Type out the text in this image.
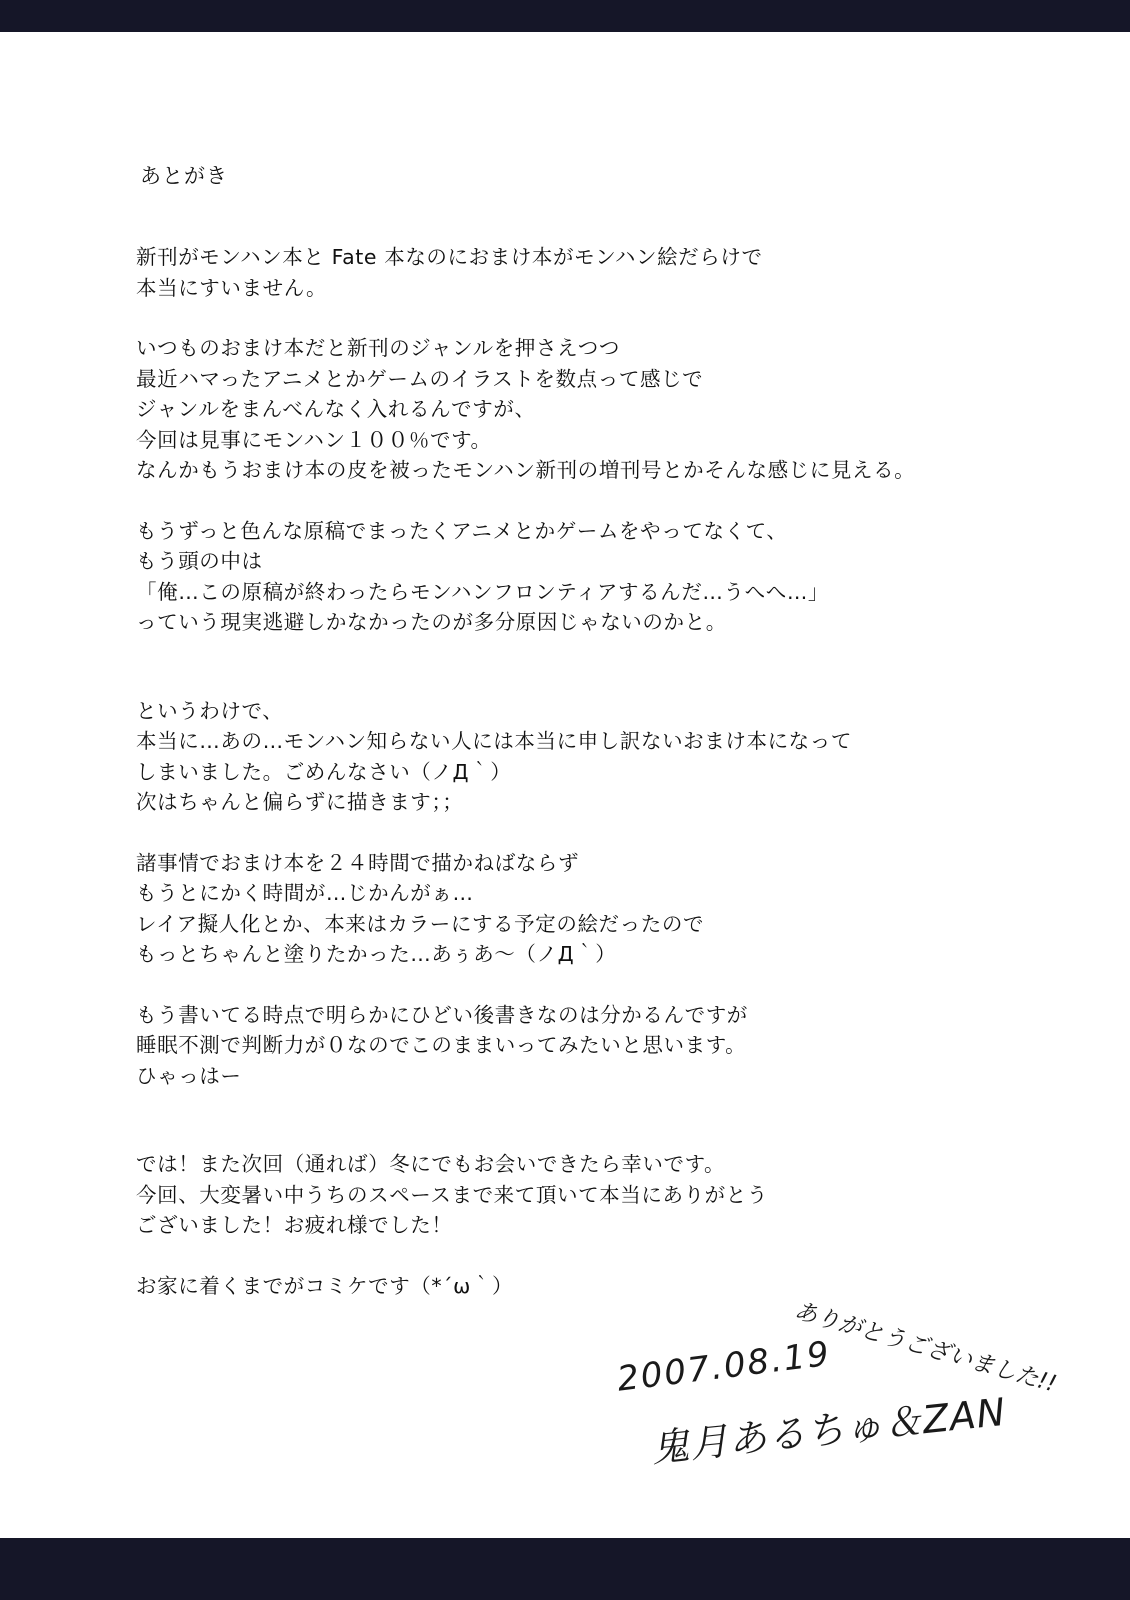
あとがき
新刊がモンハン本と Fate 本なのにおまけ本がモンハン絵だらけで
本当にすいません。
いつものおまけ本だと新刊のジャンルを押さえつつ
最近ハマったアニメとかゲームのイラストを数点って感じで
ジャンルをまんべんなく入れるんですが、
今回は見事にモンハン１００％です。
なんかもうおまけ本の皮を被ったモンハン新刊の増刊号とかそんな感じに見える。
もうずっと色んな原稿でまったくアニメとかゲームをやってなくて、
もう頭の中は
「俺…この原稿が終わったらモンハンフロンティアするんだ…うへへ…」
っていう現実逃避しかなかったのが多分原因じゃないのかと。
というわけで、
本当に…あの…モンハン知らない人には本当に申し訳ないおまけ本になって
しまいました。ごめんなさい（ノД｀）
次はちゃんと偏らずに描きます；；
諸事情でおまけ本を２４時間で描かねばならず
もうとにかく時間が…じかんがぁ…
レイア擬人化とか、本来はカラーにする予定の絵だったので
もっとちゃんと塗りたかった…あぅあ～（ノД｀）
もう書いてる時点で明らかにひどい後書きなのは分かるんですが
睡眠不測で判断力が０なのでこのままいってみたいと思います。
ひゃっはー
では！また次回（通れば）冬にでもお会いできたら幸いです。
今回、大変暑い中うちのスペースまで来て頂いて本当にありがとう
ございました！お疲れ様でした！
お家に着くまでがコミケです（*´ω｀）
ありがとうございました!!
2007.08.19
鬼月あるちゅ＆ZAN
